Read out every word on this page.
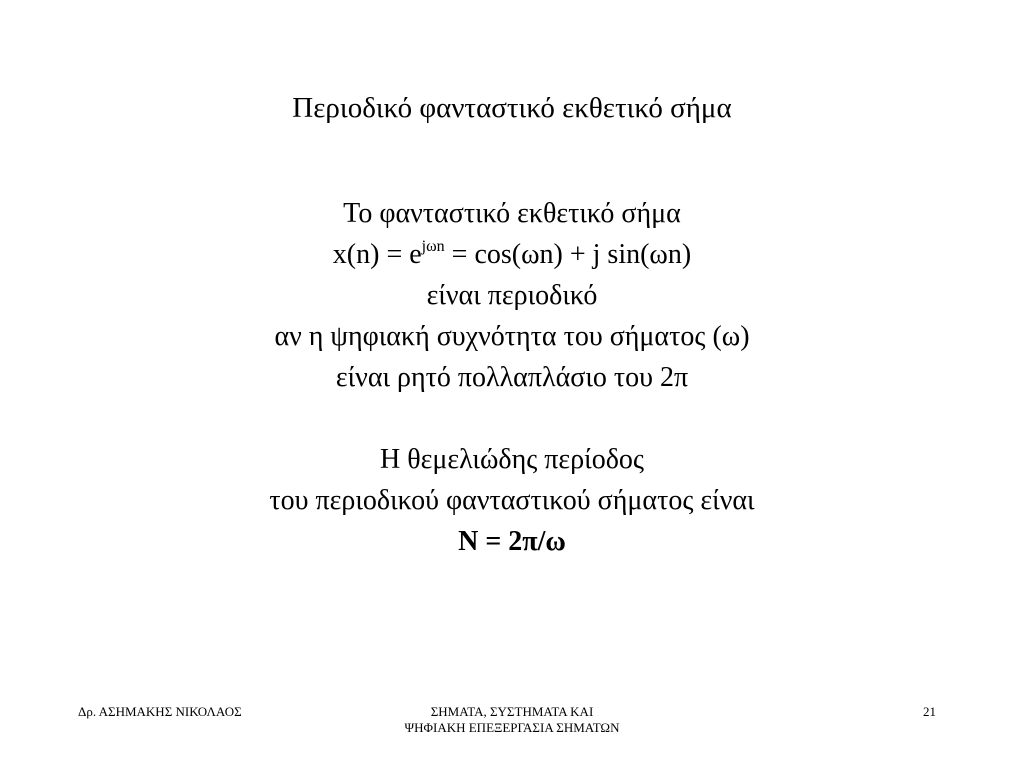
Περιοδικό φανταστικό εκθετικό σήμα
Το φανταστικό εκθετικό σήμα
$x(n) = e^{j\omega n} = \cos(\omega n) + j$ sin(ωn)
είναι περιοδικό
αν η ψηφιακή συχνότητα του σήματος (ω)
είναι ρητό πολλαπλάσιο του 2π
Η θεμελιώδης περίοδος
του περιοδικού φανταστικού σήματος είναι
N = 2π/ω
Δρ. ΑΣΗΜΑΚΗΣ ΝΙΚΟΛΑΟΣ	ΣΗΜΑΤΑ, ΣΥΣΤΗΜΑΤΑ ΚΑΙ
ΨΗΦΙΑΚΗ ΕΠΕΞΕΡΓΑΣΙΑ ΣΗΜΑΤΩΝ
21
